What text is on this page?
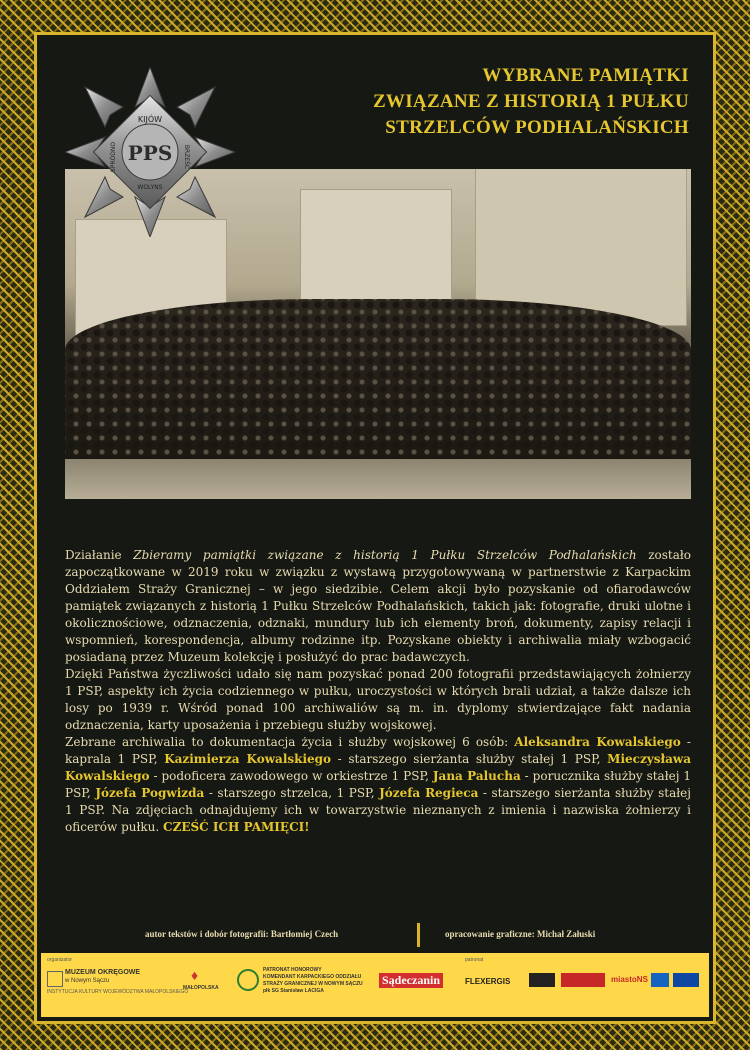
PPS
KIJÓW
SPRÓDNO	BRZEŚĆ
WOLYNS
WYBRANE PAMIĄTKI
ZWIĄZANE Z HISTORIĄ 1 PUŁKU
STRZELCÓW PODHALAŃSKICH

Działanie Zbieramy pamiątki związane z historią 1 Pułku Strzelców Podhalańskich zostało zapoczątkowane w 2019 roku w związku z wystawą przygotowywaną w partnerstwie z Karpackim Oddziałem Straży Granicznej – w jego siedzibie. Celem akcji było pozyskanie od ofiarodawców pamiątek związanych z historią 1 Pułku Strzelców Podhalańskich, takich jak: fotografie, druki ulotne i okolicznościowe, odznaczenia, odznaki, mundury lub ich elementy broń, dokumenty, zapisy relacji i wspomnień, korespondencja, albumy rodzinne itp. Pozyskane obiekty i archiwalia miały wzbogacić posiadaną przez Muzeum kolekcję i posłużyć do prac badawczych.

Dzięki Państwa życzliwości udało się nam pozyskać ponad 200 fotografii przedstawiających żołnierzy 1 PSP, aspekty ich życia codziennego w pułku, uroczystości w których brali udział, a także dalsze ich losy po 1939 r. Wśród ponad 100 archiwaliów są m. in. dyplomy stwierdzające fakt nadania odznaczenia, karty uposażenia i przebiegu służby wojskowej.

Zebrane archiwalia to dokumentacja życia i służby wojskowej 6 osób: Aleksandra Kowalskiego - kaprala 1 PSP, Kazimierza Kowalskiego - starszego sierżanta służby stałej 1 PSP, Mieczysława Kowalskiego - podoficera zawodowego w orkiestrze 1 PSP, Jana Palucha - porucznika służby stałej 1 PSP, Józefa Pogwizda - starszego strzelca, 1 PSP, Józefa Regieca - starszego sierżanta służby stałej 1 PSP. Na zdjęciach odnajdujemy ich w towarzystwie nieznanych z imienia i nazwiska żołnierzy i oficerów pułku. CZEŚĆ ICH PAMIĘCI!

autor tekstów i dobór fotografii: Bartłomiej Czech	opracowanie graficzne: Michał Załuski
organizator
MUZEUM OKRĘGOWE
w Nowym Sączu
INSTYTUCJA KULTURY WOJEWÓDZTWA MAŁOPOLSKIEGO
♦
MAŁOPOLSKA
PATRONAT HONOROWY
KOMENDANT KARPACKIEGO ODDZIAŁU
STRAŻY GRANICZNEJ W NOWYM SĄCZU
płk SG Stanisław LACIGA
Sądeczanin
patronat
FLEXERGIS	miastoNS
